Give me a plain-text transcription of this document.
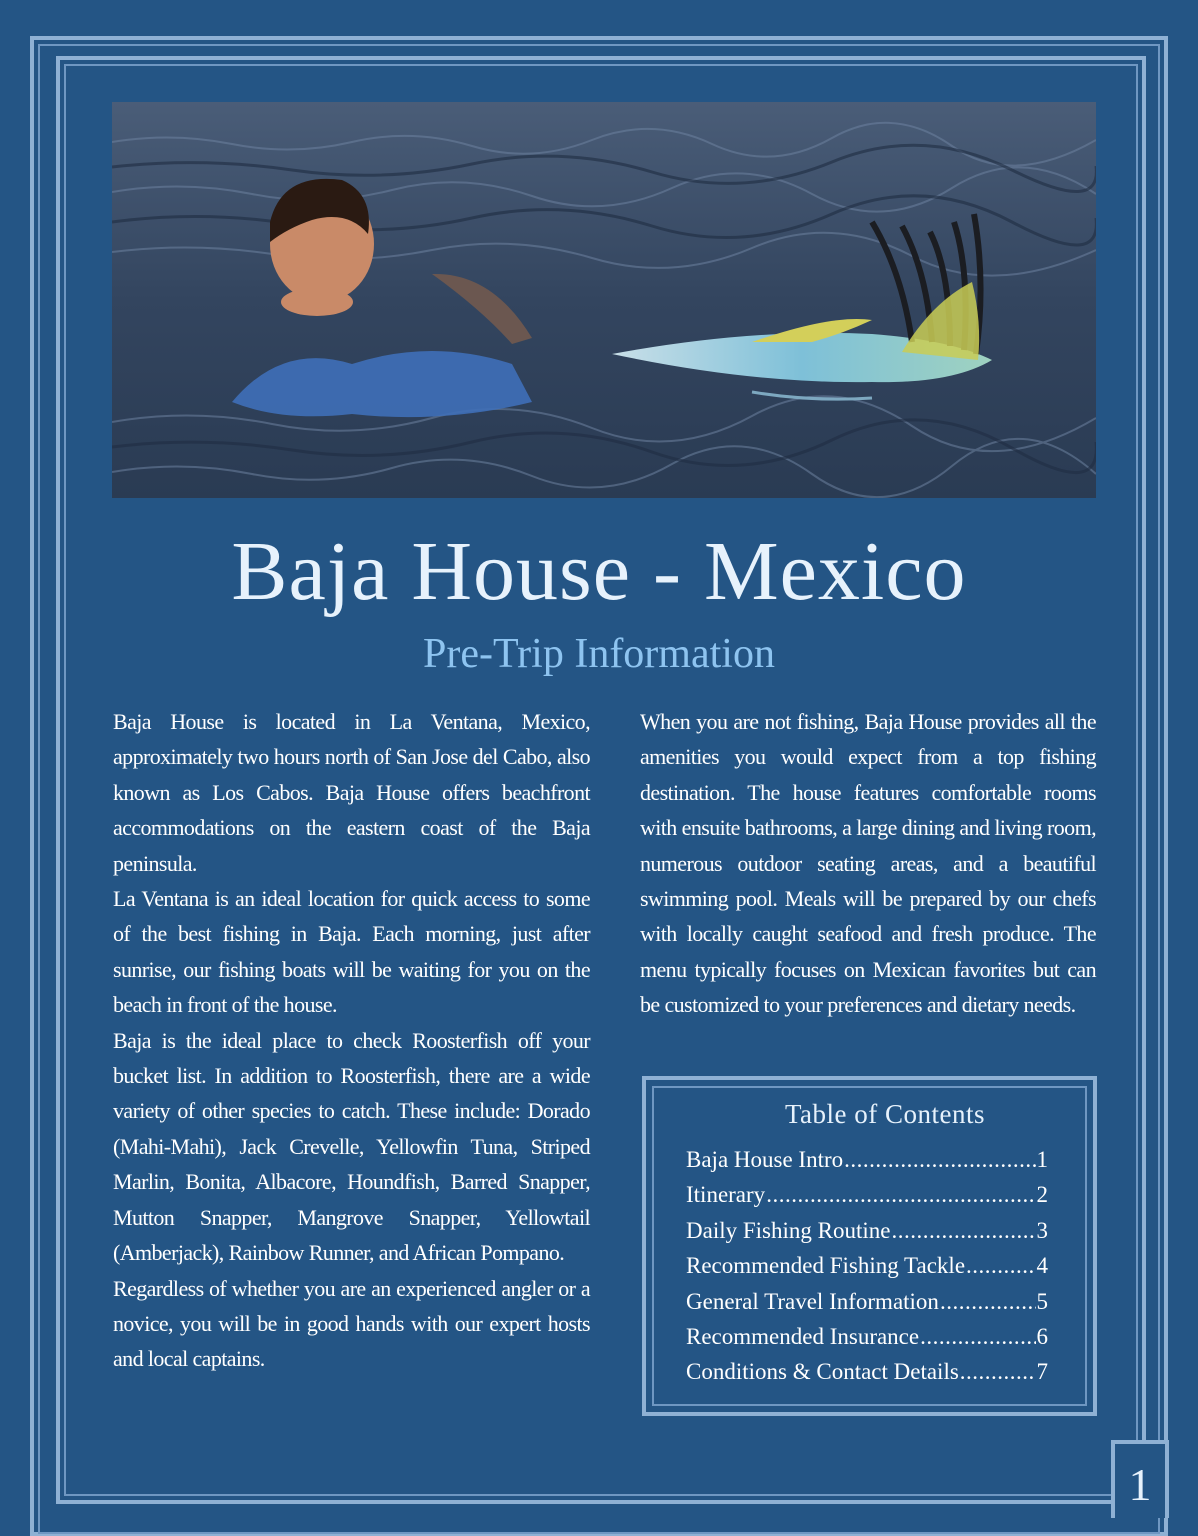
Baja House - Mexico
Pre-Trip Information

Baja House is located in La Ventana, Mexico, approximately two hours north of San Jose del Cabo, also known as Los Cabos. Baja House offers beachfront accommodations on the eastern coast of the Baja peninsula.

La Ventana is an ideal location for quick access to some of the best fishing in Baja. Each morning, just after sunrise, our fishing boats will be waiting for you on the beach in front of the house.

Baja is the ideal place to check Roosterfish off your bucket list. In addition to Roosterfish, there are a wide variety of other species to catch. These include: Dorado (Mahi-Mahi), Jack Crevelle, Yellowfin Tuna, Striped Marlin, Bonita, Albacore, Houndfish, Barred Snapper, Mutton Snapper, Mangrove Snapper, Yellowtail (Amberjack), Rainbow Runner, and African Pompano.

Regardless of whether you are an experienced angler or a novice, you will be in good hands with our expert hosts and local captains.

When you are not fishing, Baja House provides all the amenities you would expect from a top fishing destination. The house features comfortable rooms with ensuite bathrooms, a large dining and living room, numerous outdoor seating areas, and a beautiful swimming pool. Meals will be prepared by our chefs with locally caught seafood and fresh produce. The menu typically focuses on Mexican favorites but can be customized to your preferences and dietary needs.

Table of Contents
Baja House Intro .....	1
Itinerary .....	2
Daily Fishing Routine .....	3
Recommended Fishing Tackle .....	4
General Travel Information .....	5
Recommended Insurance .....	6
Conditions & Contact Details .....	7
1
